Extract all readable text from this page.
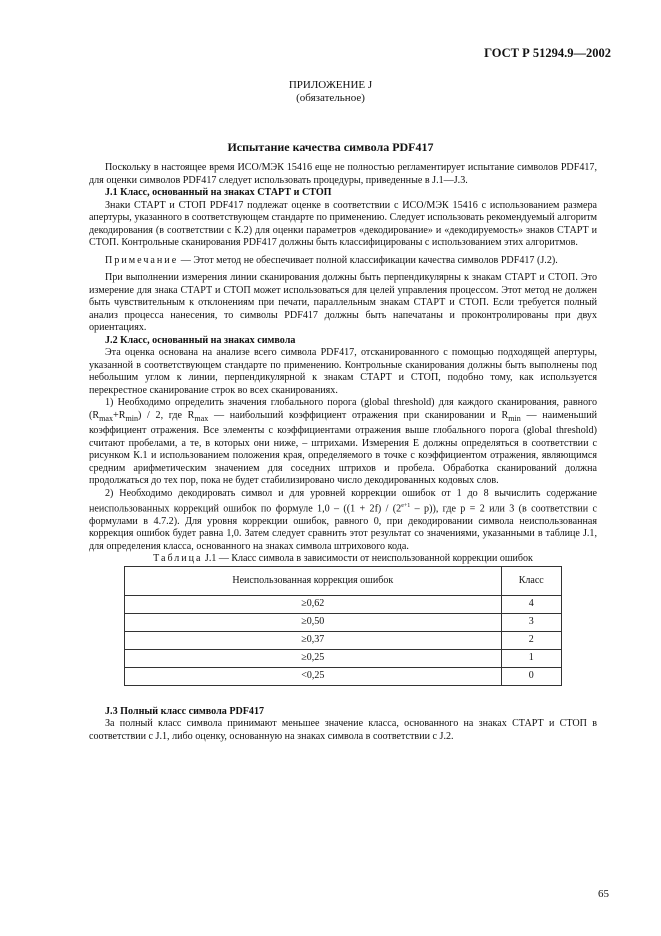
ГОСТ Р 51294.9—2002
ПРИЛОЖЕНИЕ J
(обязательное)
Испытание качества символа PDF417

Поскольку в настоящее время ИСО/МЭК 15416 еще не полностью регламентирует испытание символов PDF417, для оценки символов PDF417 следует использовать процедуры, приведенные в J.1—J.3.

J.1 Класс, основанный на знаках СТАРТ и СТОП

Знаки СТАРТ и СТОП PDF417 подлежат оценке в соответствии с ИСО/МЭК 15416 с использованием размера апертуры, указанного в соответствующем стандарте по применению. Следует использовать рекомендуемый алгоритм декодирования (в соответствии с К.2) для оценки параметров «декодирование» и «декодируемость» знаков СТАРТ и СТОП. Контрольные сканирования PDF417 должны быть классифицированы с использованием этих алгоритмов.

Примечание — Этот метод не обеспечивает полной классификации качества символов PDF417 (J.2).

При выполнении измерения линии сканирования должны быть перпендикулярны к знакам СТАРТ и СТОП. Это измерение для знака СТАРТ и СТОП может использоваться для целей управления процессом. Этот метод не должен быть чувствительным к отклонениям при печати, параллельным знакам СТАРТ и СТОП. Если требуется полный анализ процесса нанесения, то символы PDF417 должны быть напечатаны и проконтролированы при двух ориентациях.

J.2 Класс, основанный на знаках символа

Эта оценка основана на анализе всего символа PDF417, отсканированного с помощью подходящей апертуры, указанной в соответствующем стандарте по применению. Контрольные сканирования должны быть выполнены под небольшим углом к линии, перпендикулярной к знакам СТАРТ и СТОП, подобно тому, как используется перекрестное сканирование строк во всех сканированиях.

1) Необходимо определить значения глобального порога (global threshold) для каждого сканирования, равного $(R_{max}+R_{min}) / 2$, где $R_{max}$ — наибольший коэффициент отражения при сканировании и $R_{min}$ — наименьший коэффициент отражения. Все элементы с коэффициентами отражения выше глобального порога (global threshold) считают пробелами, а те, в которых они ниже, – штрихами. Измерения Е должны определяться в соответствии с рисунком К.1 и использованием положения края, определяемого в точке с коэффициентом отражения, являющимся средним арифметическим значением для соседних штрихов и пробела. Обработка сканирований должна продолжаться до тех пор, пока не будет стабилизировано число декодированных кодовых слов.

2) Необходимо декодировать символ и для уровней коррекции ошибок от 1 до 8 вычислить содержание неиспользованных коррекций ошибок по формуле $1,0 - ((1 + 2f) / (2^{e+1} - p))$, где p = 2 или 3 (в соответствии с формулами в 4.7.2). Для уровня коррекции ошибок, равного 0, при декодировании символа неиспользованная коррекция ошибок будет равна 1,0. Затем следует сравнить этот результат со значениями, указанными в таблице J.1, для определения класса, основанного на знаках символа штрихового кода.

Таблица J.1 — Класс символа в зависимости от неиспользованной коррекции ошибок

Неиспользованная коррекция ошибок	Класс
≥0,62	4
≥0,50	3
≥0,37	2
≥0,25	1
<0,25	0

J.3 Полный класс символа PDF417

За полный класс символа принимают меньшее значение класса, основанного на знаках СТАРТ и СТОП в соответствии с J.1, либо оценку, основанную на знаках символа в соответствии с J.2.

65
